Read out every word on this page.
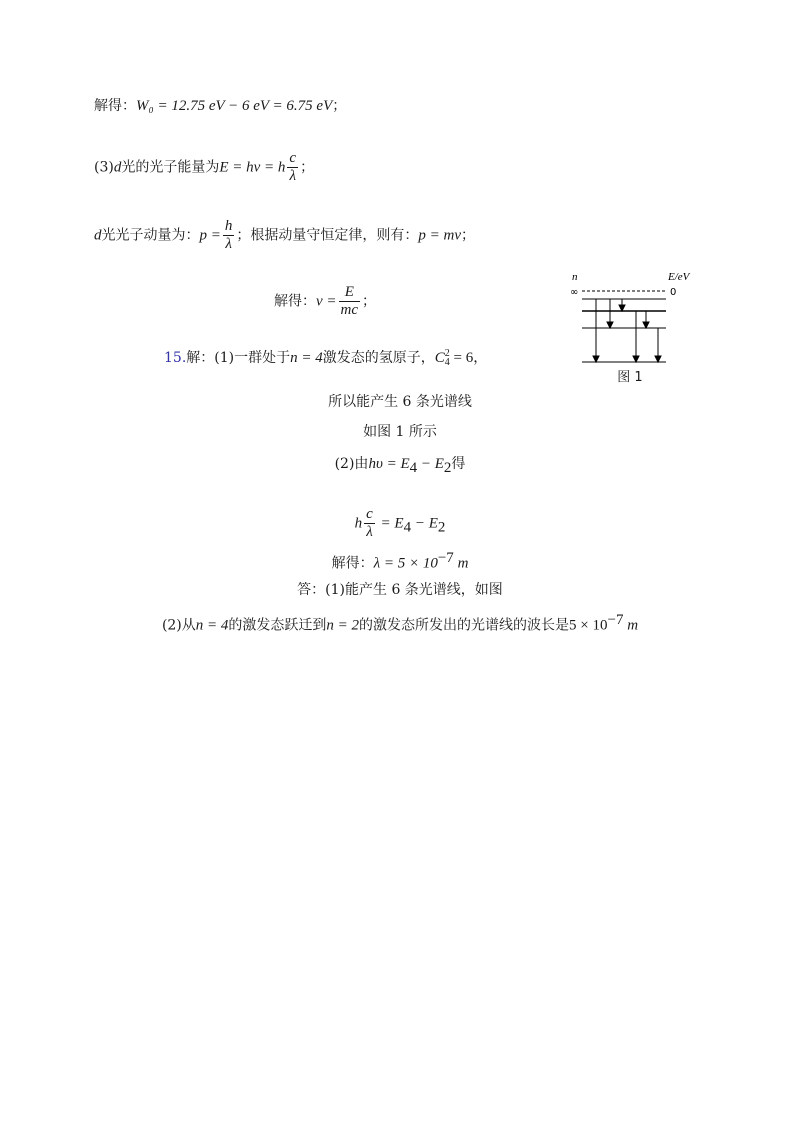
解得：W₀ = 12.75 eV − 6 eV = 6.75 eV；
(3)d光的光子能量为E = hν = h $\frac{c}{\lambda}$ ；
d光光子动量为：$p = \frac{h}{\lambda}$ ；根据动量守恒定律，则有：p = mv；
解得：$v = \frac{E}{mc}$ ；
15.解：(1)一群处于n = 4激发态的氢原子，C 2
4 = 6，
所以能产生 6 条光谱线
如图 1 所示
(2)由$h\upsilon = E_4 - E_2$得
h $\frac{c}{\lambda} = E_4 - E_2$
解得：$\lambda = 5 \times 10^{-7}$ m
答：(1)能产生 6 条光谱线，如图
(2)从n = 4的激发态跃迁到n = 2的激发态所发出的光谱线的波长是$5 \times 10^{-7}$ m
n	E/eV
∞	0
图 1
